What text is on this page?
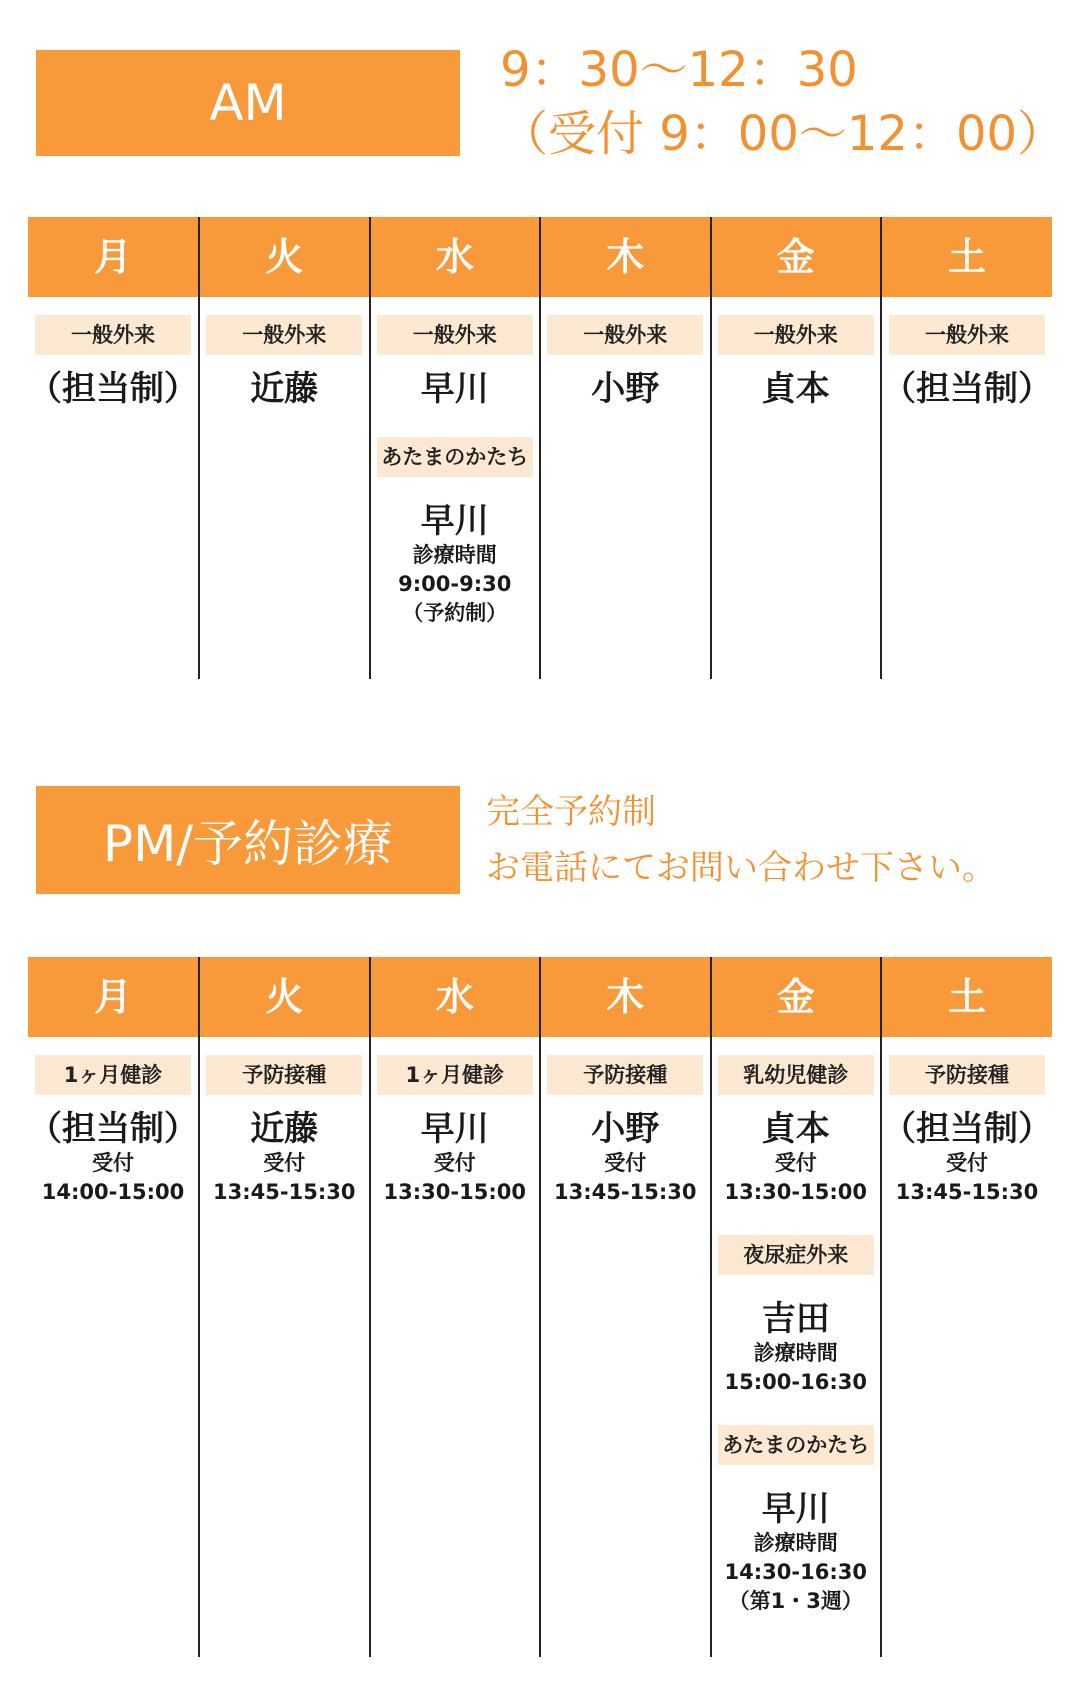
AM
9：30〜12：30
（受付 9：00〜12：00）
月
一般外来
（担当制）
火
一般外来
近藤
水
一般外来
早川
あたまのかたち
早川
診療時間
9:00-9:30
（予約制）
木
一般外来
小野
金
一般外来
貞本
土
一般外来
（担当制）
PM/予約診療
完全予約制
お電話にてお問い合わせ下さい。
月
1ヶ月健診
（担当制）
受付
14:00-15:00
火
予防接種
近藤
受付
13:45-15:30
水
1ヶ月健診
早川
受付
13:30-15:00
木
予防接種
小野
受付
13:45-15:30
金
乳幼児健診
貞本
受付
13:30-15:00
夜尿症外来
吉田
診療時間
15:00-16:30
あたまのかたち
早川
診療時間
14:30-16:30
（第1・3週）
土
予防接種
（担当制）
受付
13:45-15:30
